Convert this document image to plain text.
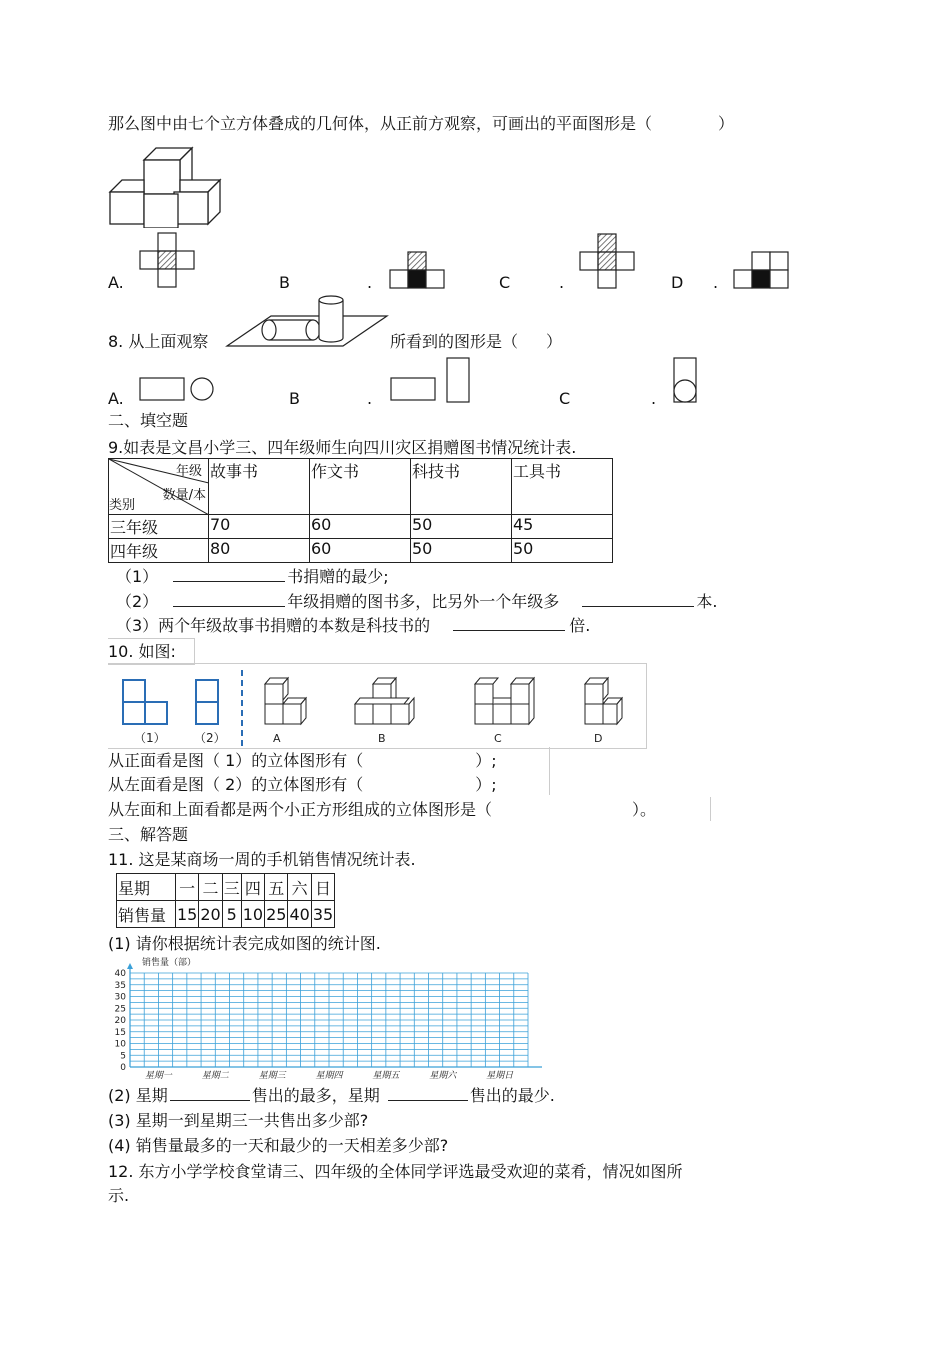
那么图中由七个立方体叠成的几何体，从正前方观察，可画出的平面图形是（	）
A.	B	.	C	.	D .
8. 从上面观察	所看到的图形是（ ）
A.	B	.	C	.
二、填空题
9.如表是文昌小学三、四年级师生向四川灾区捐赠图书情况统计表.
年级
数量/本
类别	故事书	作文书	科技书	工具书
三年级	70	60	50	45
四年级	80	60	50	50
（1）	书捐赠的最少;
（2）	年级捐赠的图书多，比另外一个年级多	本.
（3）两个年级故事书捐赠的本数是科技书的	倍.
10. 如图:
（1） （2）	A	B	C	D
从正面看是图（ 1）的立体图形有（	）;
从左面看是图（ 2）的立体图形有（	）;
从左面和上面看都是两个小正方形组成的立体图形是（	）。
三、解答题
11. 这是某商场一周的手机销售情况统计表.
星期	一	二	三	四	五	六	日
销售量	15	20	5	10	25	40	35
(1) 请你根据统计表完成如图的统计图.
0
5
10
15
20
25
30
35
40
星期一	星期二	星期三	星期四	星期五	星期六	星期日
销售量（部）
(2) 星期	售出的最多，星期	售出的最少.
(3) 星期一到星期三一共售出多少部?
(4) 销售量最多的一天和最少的一天相差多少部?
12. 东方小学学校食堂请三、四年级的全体同学评选最受欢迎的菜肴，情况如图所
示.
